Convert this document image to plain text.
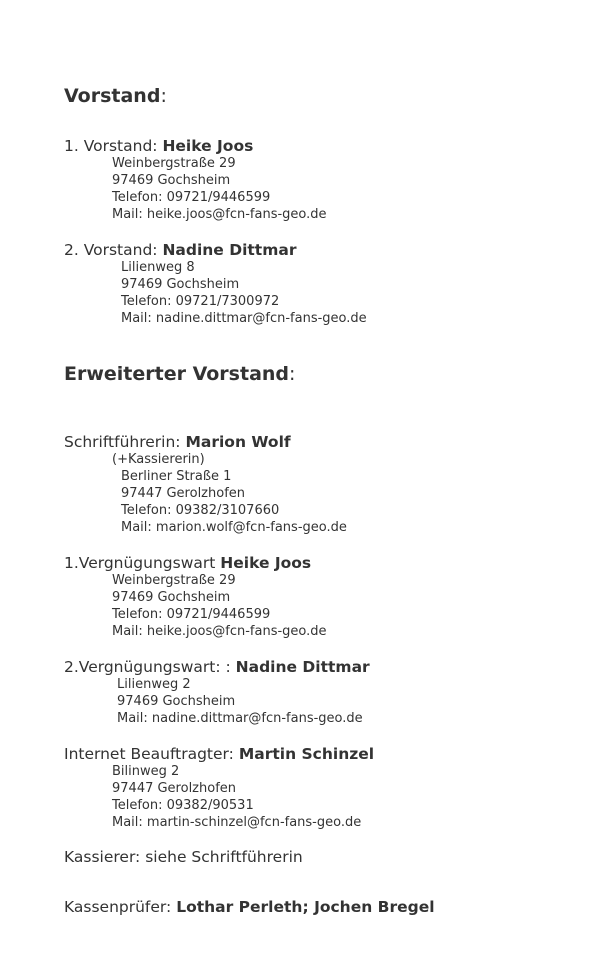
Vorstand:
1. Vorstand: Heike Joos
Weinbergstraße 29
97469 Gochsheim
Telefon: 09721/9446599
Mail: heike.joos@fcn-fans-geo.de
2. Vorstand: Nadine Dittmar
Lilienweg 8
97469 Gochsheim
Telefon: 09721/7300972
Mail: nadine.dittmar@fcn-fans-geo.de
Erweiterter Vorstand:
Schriftführerin: Marion Wolf
(+Kassiererin)
Berliner Straße 1
97447 Gerolzhofen
Telefon: 09382/3107660
Mail: marion.wolf@fcn-fans-geo.de
1.Vergnügungswart Heike Joos
Weinbergstraße 29
97469 Gochsheim
Telefon: 09721/9446599
Mail: heike.joos@fcn-fans-geo.de
2.Vergnügungswart: : Nadine Dittmar
Lilienweg 2
97469 Gochsheim
Mail: nadine.dittmar@fcn-fans-geo.de
Internet Beauftragter: Martin Schinzel
Bilinweg 2
97447 Gerolzhofen
Telefon: 09382/90531
Mail: martin-schinzel@fcn-fans-geo.de
Kassierer: siehe Schriftführerin
Kassenprüfer: Lothar Perleth; Jochen Bregel
